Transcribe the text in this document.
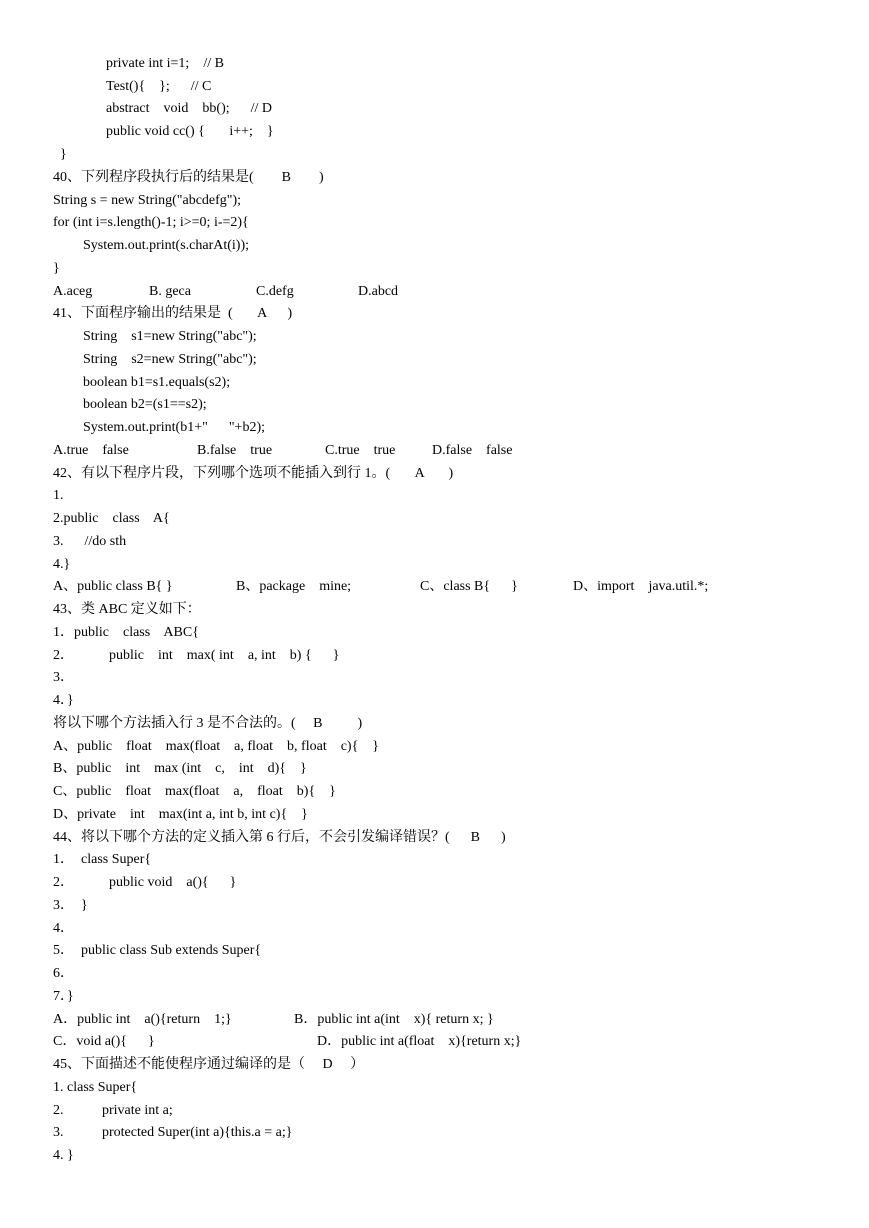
private int i=1;    // B
Test(){    };      // C
abstract    void    bb();      // D
public void cc() {       i++;    }
}
40、下列程序段执行后的结果是(        B        )
String s = new String("abcdefg");
for (int i=s.length()-1; i>=0; i-=2){
System.out.print(s.charAt(i));
}

A.aceg

	B. geca

	C.defg

	D.abcd

41、下面程序输出的结果是  (       A      )
String    s1=new String("abc");
String    s2=new String("abc");
boolean b1=s1.equals(s2);
boolean b2=(s1==s2);
System.out.print(b1+"      "+b2);

A.true    false

	B.false    true

	C.true    true

	D.false    false

42、有以下程序片段，下列哪个选项不能插入到行 1。(       A       )
1.
2.public    class    A{
3.      //do sth
4.}

A、public class B{ }

	B、package    mine;

	C、class B{      }

	D、import    java.util.*;

43、类 ABC 定义如下：
1．public    class    ABC{
2．          public    int    max( int    a, int    b) {      }
3．
4．}
将以下哪个方法插入行 3 是不合法的。(     B          )
A、public    float    max(float    a, float    b, float    c){    }
B、public    int    max (int    c,    int    d){    }
C、public    float    max(float    a,    float    b){    }
D、private    int    max(int a, int b, int c){    }
44、将以下哪个方法的定义插入第 6 行后，不会引发编译错误？(      B      )
1．  class Super{
2．          public void    a(){      }
3．  }
4．
5．  public class Sub extends Super{
6．
7．}

A．public int    a(){return    1;}

	B．public int a(int    x){ return x; }

C．void a(){      }

	D．public int a(float    x){return x;}

45、下面描述不能使程序通过编译的是（     D     ）
1. class Super{
2.           private int a;
3.           protected Super(int a){this.a = a;}
4. }
